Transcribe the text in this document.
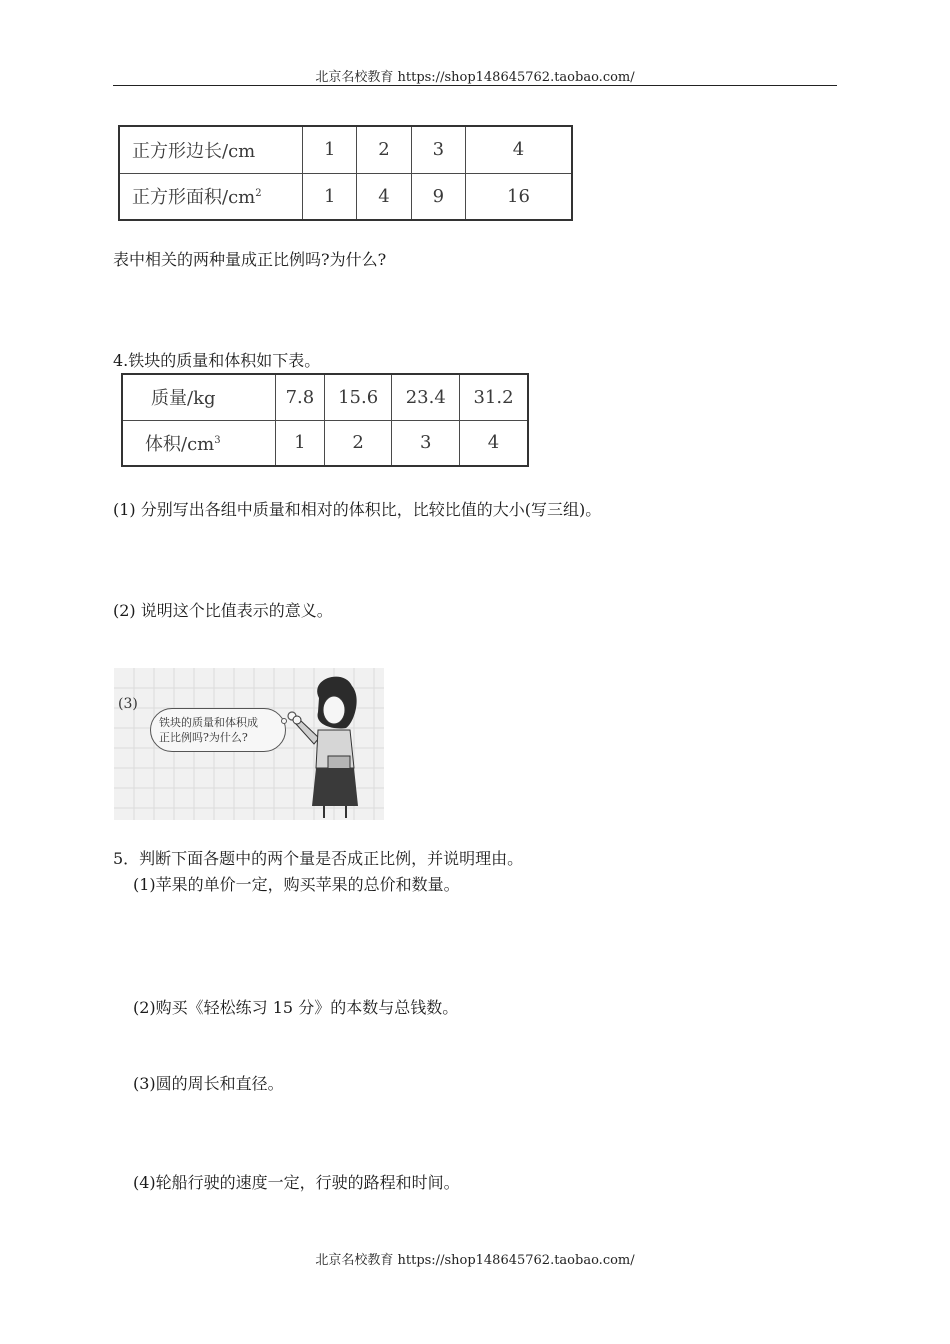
北京名校教育 https://shop148645762.taobao.com/
正方形边长/cm	1	2	3	4
正方形面积$/cm^2$	1	4	9	16
表中相关的两种量成正比例吗?为什么?
4.铁块的质量和体积如下表。
质量/kg	7.8	15.6	23.4	31.2
体积$/cm^3$	1	2	3	4
(1) 分别写出各组中质量和相对的体积比，比较比值的大小(写三组)。
(2) 说明这个比值表示的意义。
(3)
铁块的质量和体积成
正比例吗?为什么?
5．判断下面各题中的两个量是否成正比例，并说明理由。
(1)苹果的单价一定，购买苹果的总价和数量。
(2)购买《轻松练习 15 分》的本数与总钱数。
(3)圆的周长和直径。
(4)轮船行驶的速度一定，行驶的路程和时间。
北京名校教育 https://shop148645762.taobao.com/
